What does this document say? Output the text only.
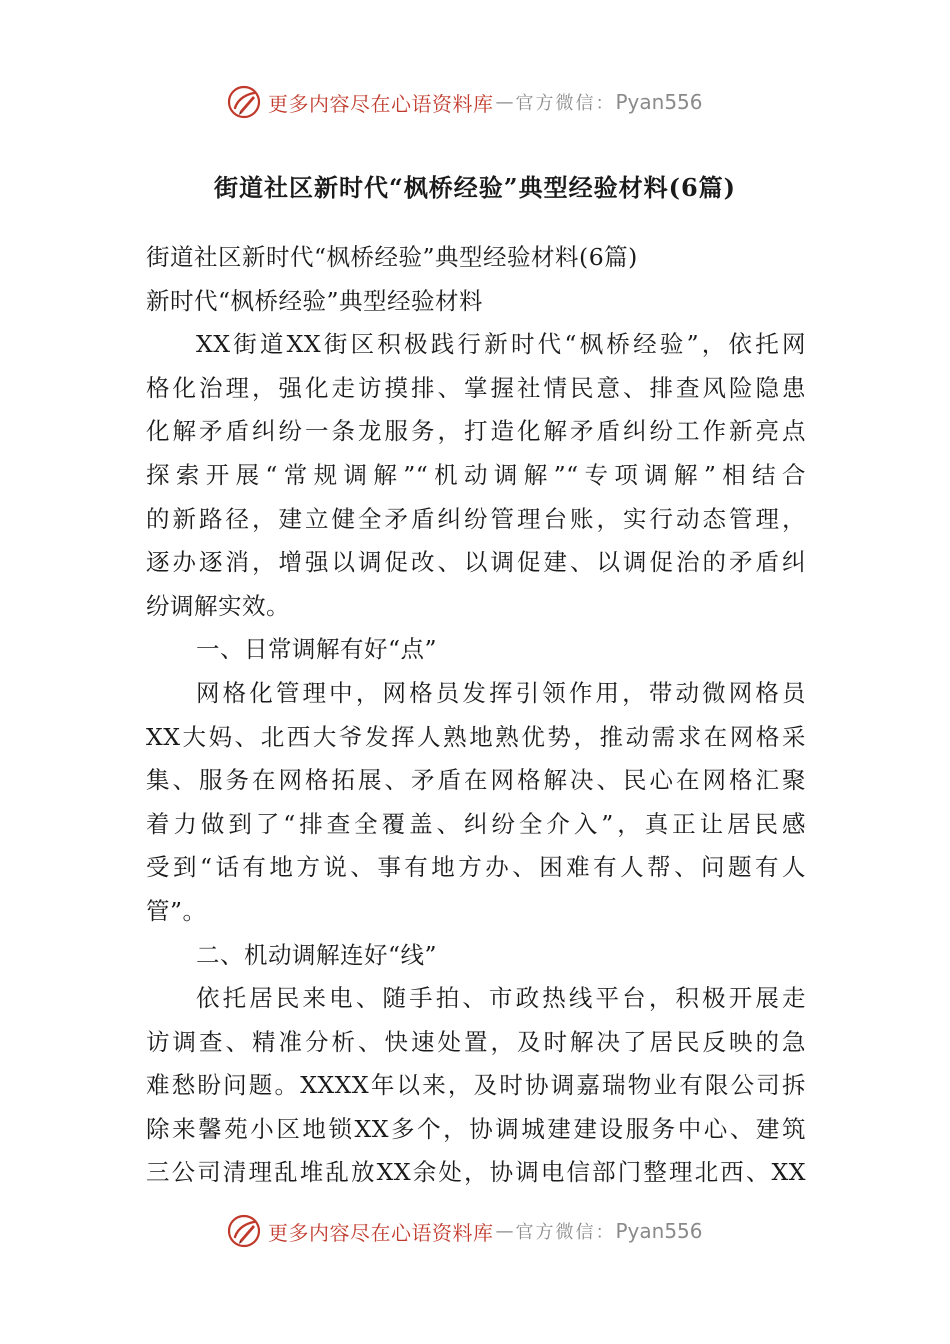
更多内容尽在心语资料库 — 官方微信： Pyan556
街道社区新时代“枫桥经验”典型经验材料(6篇)
街道社区新时代“枫桥经验”典型经验材料(6篇)
新时代“枫桥经验”典型经验材料
XX街道XX街区积极践行新时代“枫桥经验”，依托网
格化治理，强化走访摸排、掌握社情民意、排查风险隐患
化解矛盾纠纷一条龙服务，打造化解矛盾纠纷工作新亮点
探索开展“常规调解”“机动调解”“专项调解”相结合
的新路径，建立健全矛盾纠纷管理台账，实行动态管理，
逐办逐消，增强以调促改、以调促建、以调促治的矛盾纠
纷调解实效。
一、日常调解有好“点”
网格化管理中，网格员发挥引领作用，带动微网格员
XX大妈、北西大爷发挥人熟地熟优势，推动需求在网格采
集、服务在网格拓展、矛盾在网格解决、民心在网格汇聚
着力做到了“排查全覆盖、纠纷全介入”，真正让居民感
受到“话有地方说、事有地方办、困难有人帮、问题有人
管”。
二、机动调解连好“线”
依托居民来电、随手拍、市政热线平台，积极开展走
访调查、精准分析、快速处置，及时解决了居民反映的急
难愁盼问题。XXXX年以来，及时协调嘉瑞物业有限公司拆
除来馨苑小区地锁XX多个，协调城建建设服务中心、建筑
三公司清理乱堆乱放XX余处，协调电信部门整理北西、XX
更多内容尽在心语资料库 — 官方微信： Pyan556
